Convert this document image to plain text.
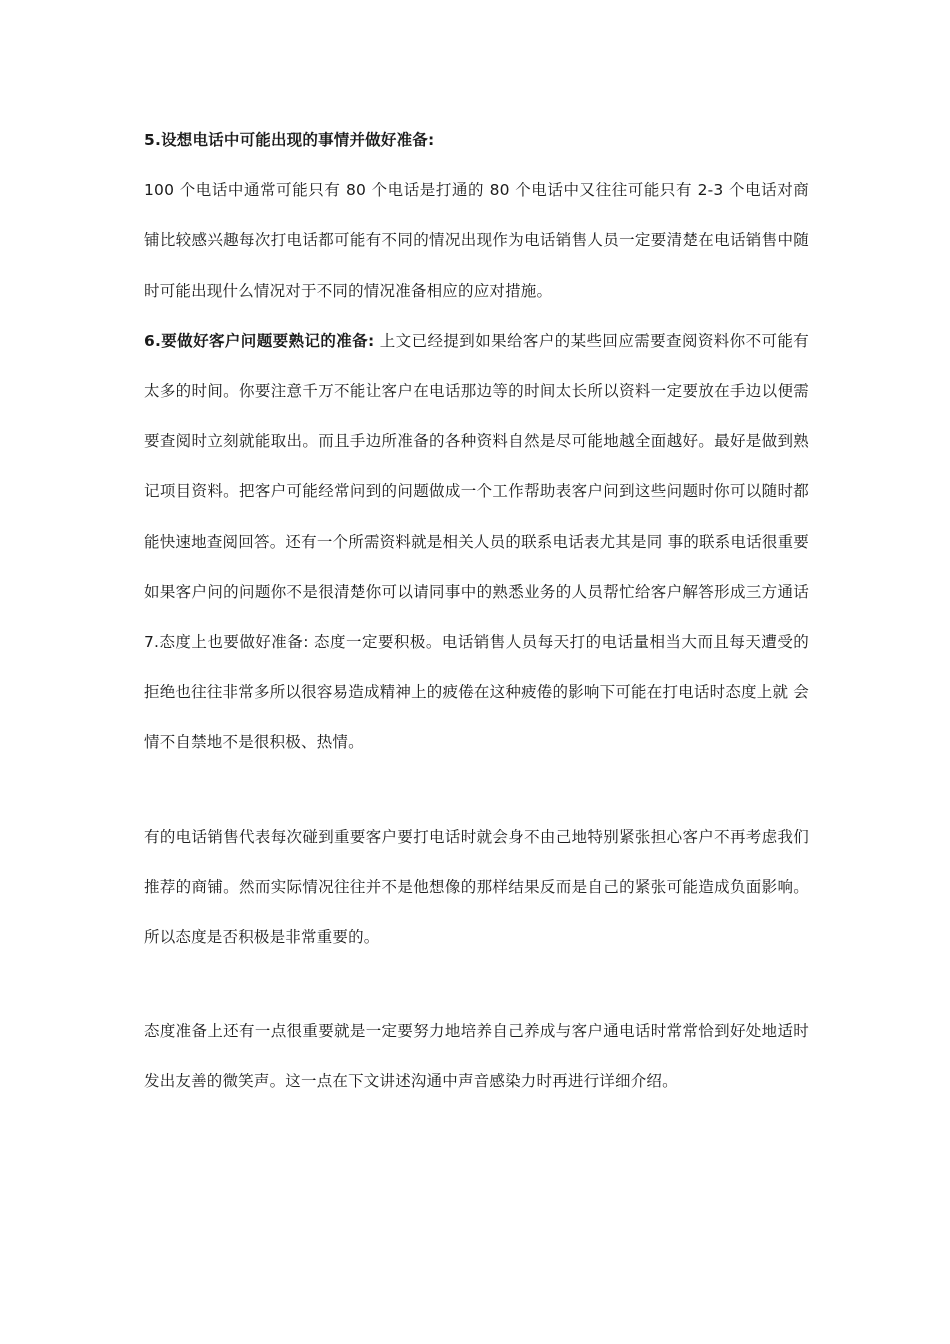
5.设想电话中可能出现的事情并做好准备:

100 个电话中通常可能只有 80 个电话是打通的 80 个电话中又往往可能只有 2-3 个电话对商铺比较感兴趣每次打电话都可能有不同的情况出现作为电话销售人员一定要清楚在电话销售中随时可能出现什么情况对于不同的情况准备相应的应对措施。

6.要做好客户问题要熟记的准备: 上文已经提到如果给客户的某些回应需要查阅资料你不可能有太多的时间。你要注意千万不能让客户在电话那边等的时间太长所以资料一定要放在手边以便需要查阅时立刻就能取出。而且手边所准备的各种资料自然是尽可能地越全面越好。最好是做到熟记项目资料。把客户可能经常问到的问题做成一个工作帮助表客户问到这些问题时你可以随时都能快速地查阅回答。还有一个所需资料就是相关人员的联系电话表尤其是同 事的联系电话很重要如果客户问的问题你不是很清楚你可以请同事中的熟悉业务的人员帮忙给客户解答形成三方通话 7.态度上也要做好准备: 态度一定要积极。电话销售人员每天打的电话量相当大而且每天遭受的拒绝也往往非常多所以很容易造成精神上的疲倦在这种疲倦的影响下可能在打电话时态度上就 会情不自禁地不是很积极、热情。

有的电话销售代表每次碰到重要客户要打电话时就会身不由己地特别紧张担心客户不再考虑我们推荐的商铺。然而实际情况往往并不是他想像的那样结果反而是自己的紧张可能造成负面影响。所以态度是否积极是非常重要的。

态度准备上还有一点很重要就是一定要努力地培养自己养成与客户通电话时常常恰到好处地适时发出友善的微笑声。这一点在下文讲述沟通中声音感染力时再进行详细介绍。
